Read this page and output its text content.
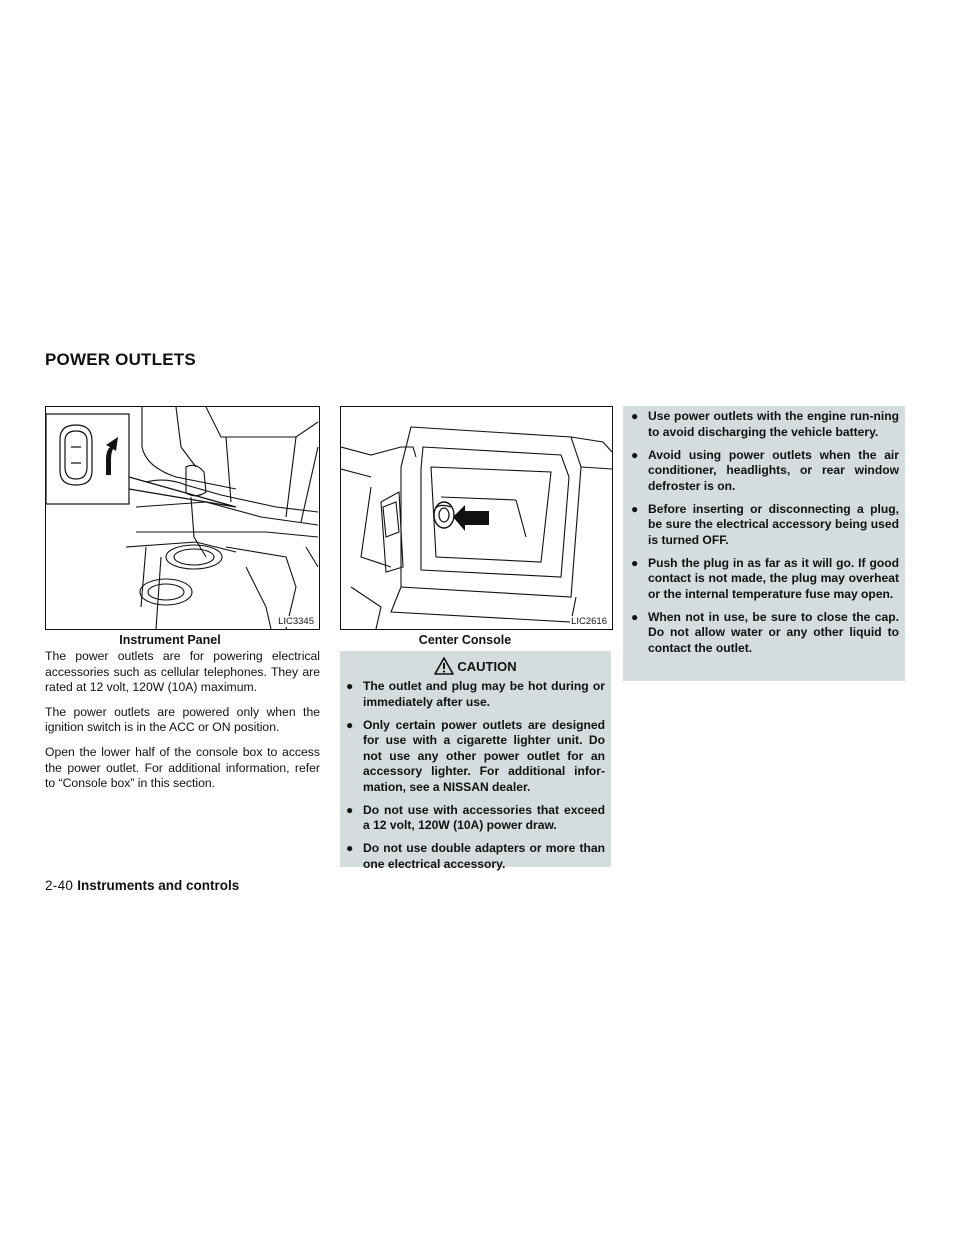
POWER OUTLETS
LIC3345
Instrument Panel
LIC2616
Center Console

The power outlets are for powering electrical accessories such as cellular telephones. They are rated at 12 volt, 120W (10A) maximum.

The power outlets are powered only when the ignition switch is in the ACC or ON position.

Open the lower half of the console box to access the power outlet. For additional information, refer to “Console box” in this section.

CAUTION
● The outlet and plug may be hot during or immediately after use.
● Only certain power outlets are designed for use with a cigarette lighter unit. Do not use any other power outlet for an accessory lighter. For additional infor-mation, see a NISSAN dealer.
● Do not use with accessories that exceed a 12 volt, 120W (10A) power draw.
● Do not use double adapters or more than one electrical accessory.
● Use power outlets with the engine run-ning to avoid discharging the vehicle battery.
● Avoid using power outlets when the air conditioner, headlights, or rear window defroster is on.
● Before inserting or disconnecting a plug, be sure the electrical accessory being used is turned OFF.
● Push the plug in as far as it will go. If good contact is not made, the plug may overheat or the internal temperature fuse may open.
● When not in use, be sure to close the cap. Do not allow water or any other liquid to contact the outlet.
2-40 Instruments and controls
